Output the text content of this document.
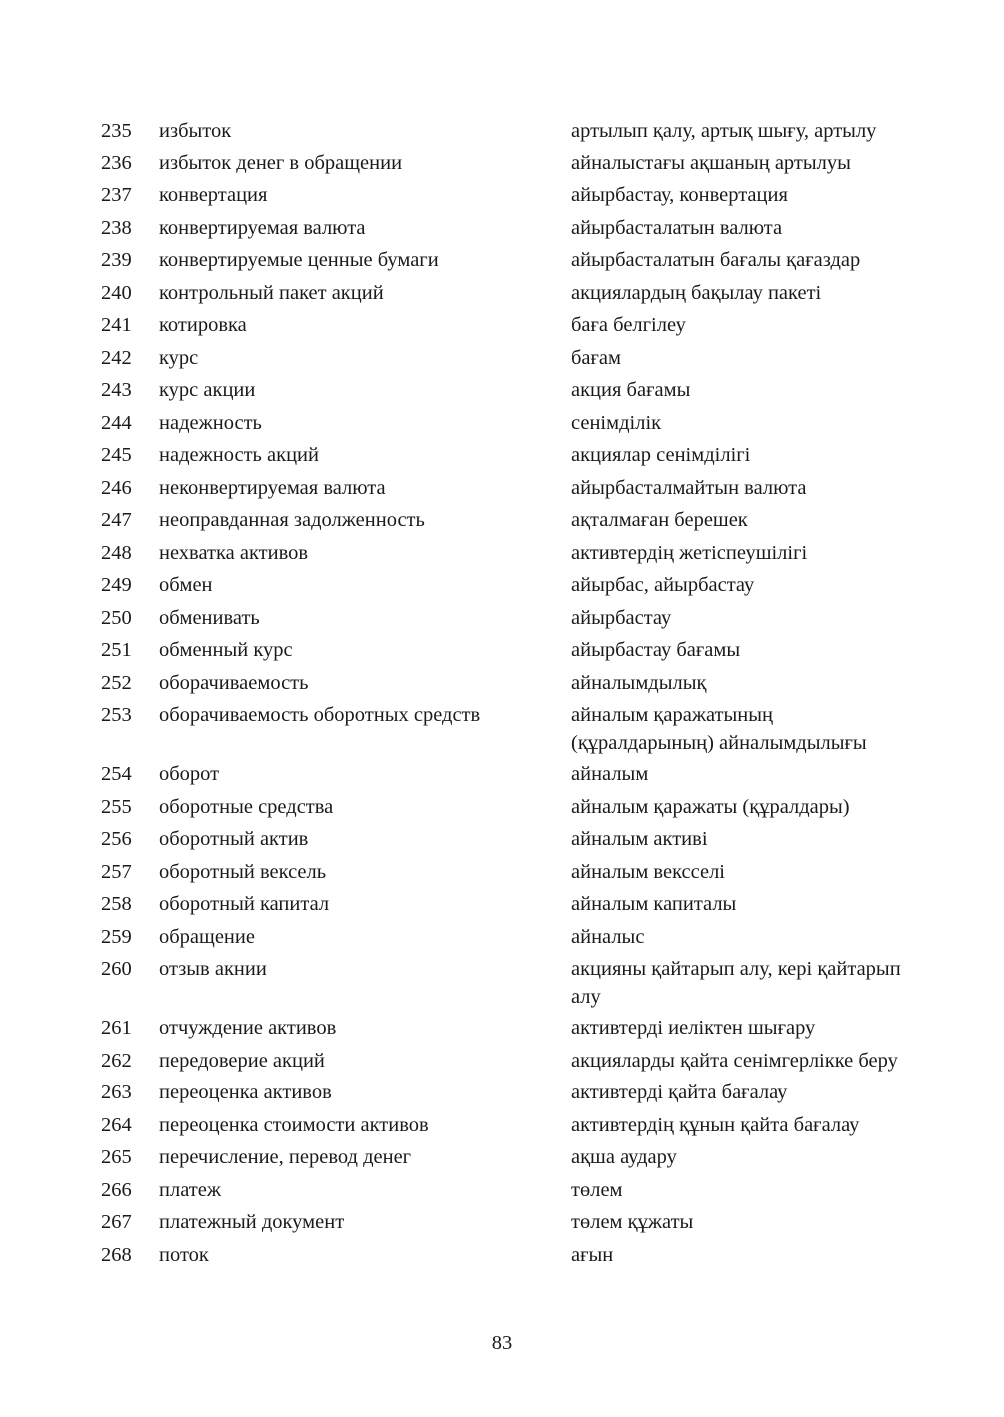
235	избыток	артылып қалу, артық шығу, артылу
236	избыток денег в обращении	айналыстағы ақшаның артылуы
237	конвертация	айырбастау, конвертация
238	конвертируемая валюта	айырбасталатын валюта
239	конвертируемые ценные бумаги	айырбасталатын бағалы қағаздар
240	контрольный пакет акций	акциялардың бақылау пакеті
241	котировка	баға белгілеу
242	курс	бағам
243	курс акции	акция бағамы
244	надежность	сенімділік
245	надежность акций	акциялар сенімділігі
246	неконвертируемая валюта	айырбасталмайтын валюта
247	неоправданная задолженность	ақталмаған берешек
248	нехватка активов	активтердің жетіспеушілігі
249	обмен	айырбас, айырбастау
250	обменивать	айырбастау
251	обменный курс	айырбастау бағамы
252	оборачиваемость	айналымдылық
253	оборачиваемость оборотных средств	айналым қаражатының (құралдарының) айналымдылығы
254	оборот	айналым
255	оборотные средства	айналым қаражаты (құралдары)
256	оборотный актив	айналым активі
257	оборотный вексель	айналым вексселі
258	оборотный капитал	айналым капиталы
259	обращение	айналыс
260	отзыв акнии	акцияны қайтарып алу, кері қайтарып алу
261	отчуждение активов	активтерді иеліктен шығару
262	передоверие акций	акцияларды қайта сенімгерлікке беру
263	переоценка активов	активтерді қайта бағалау
264	переоценка стоимости активов	активтердің құнын қайта бағалау
265	перечисление, перевод денег	ақша аудару
266	платеж	төлем
267	платежный документ	төлем құжаты
268	поток	ағын
83
